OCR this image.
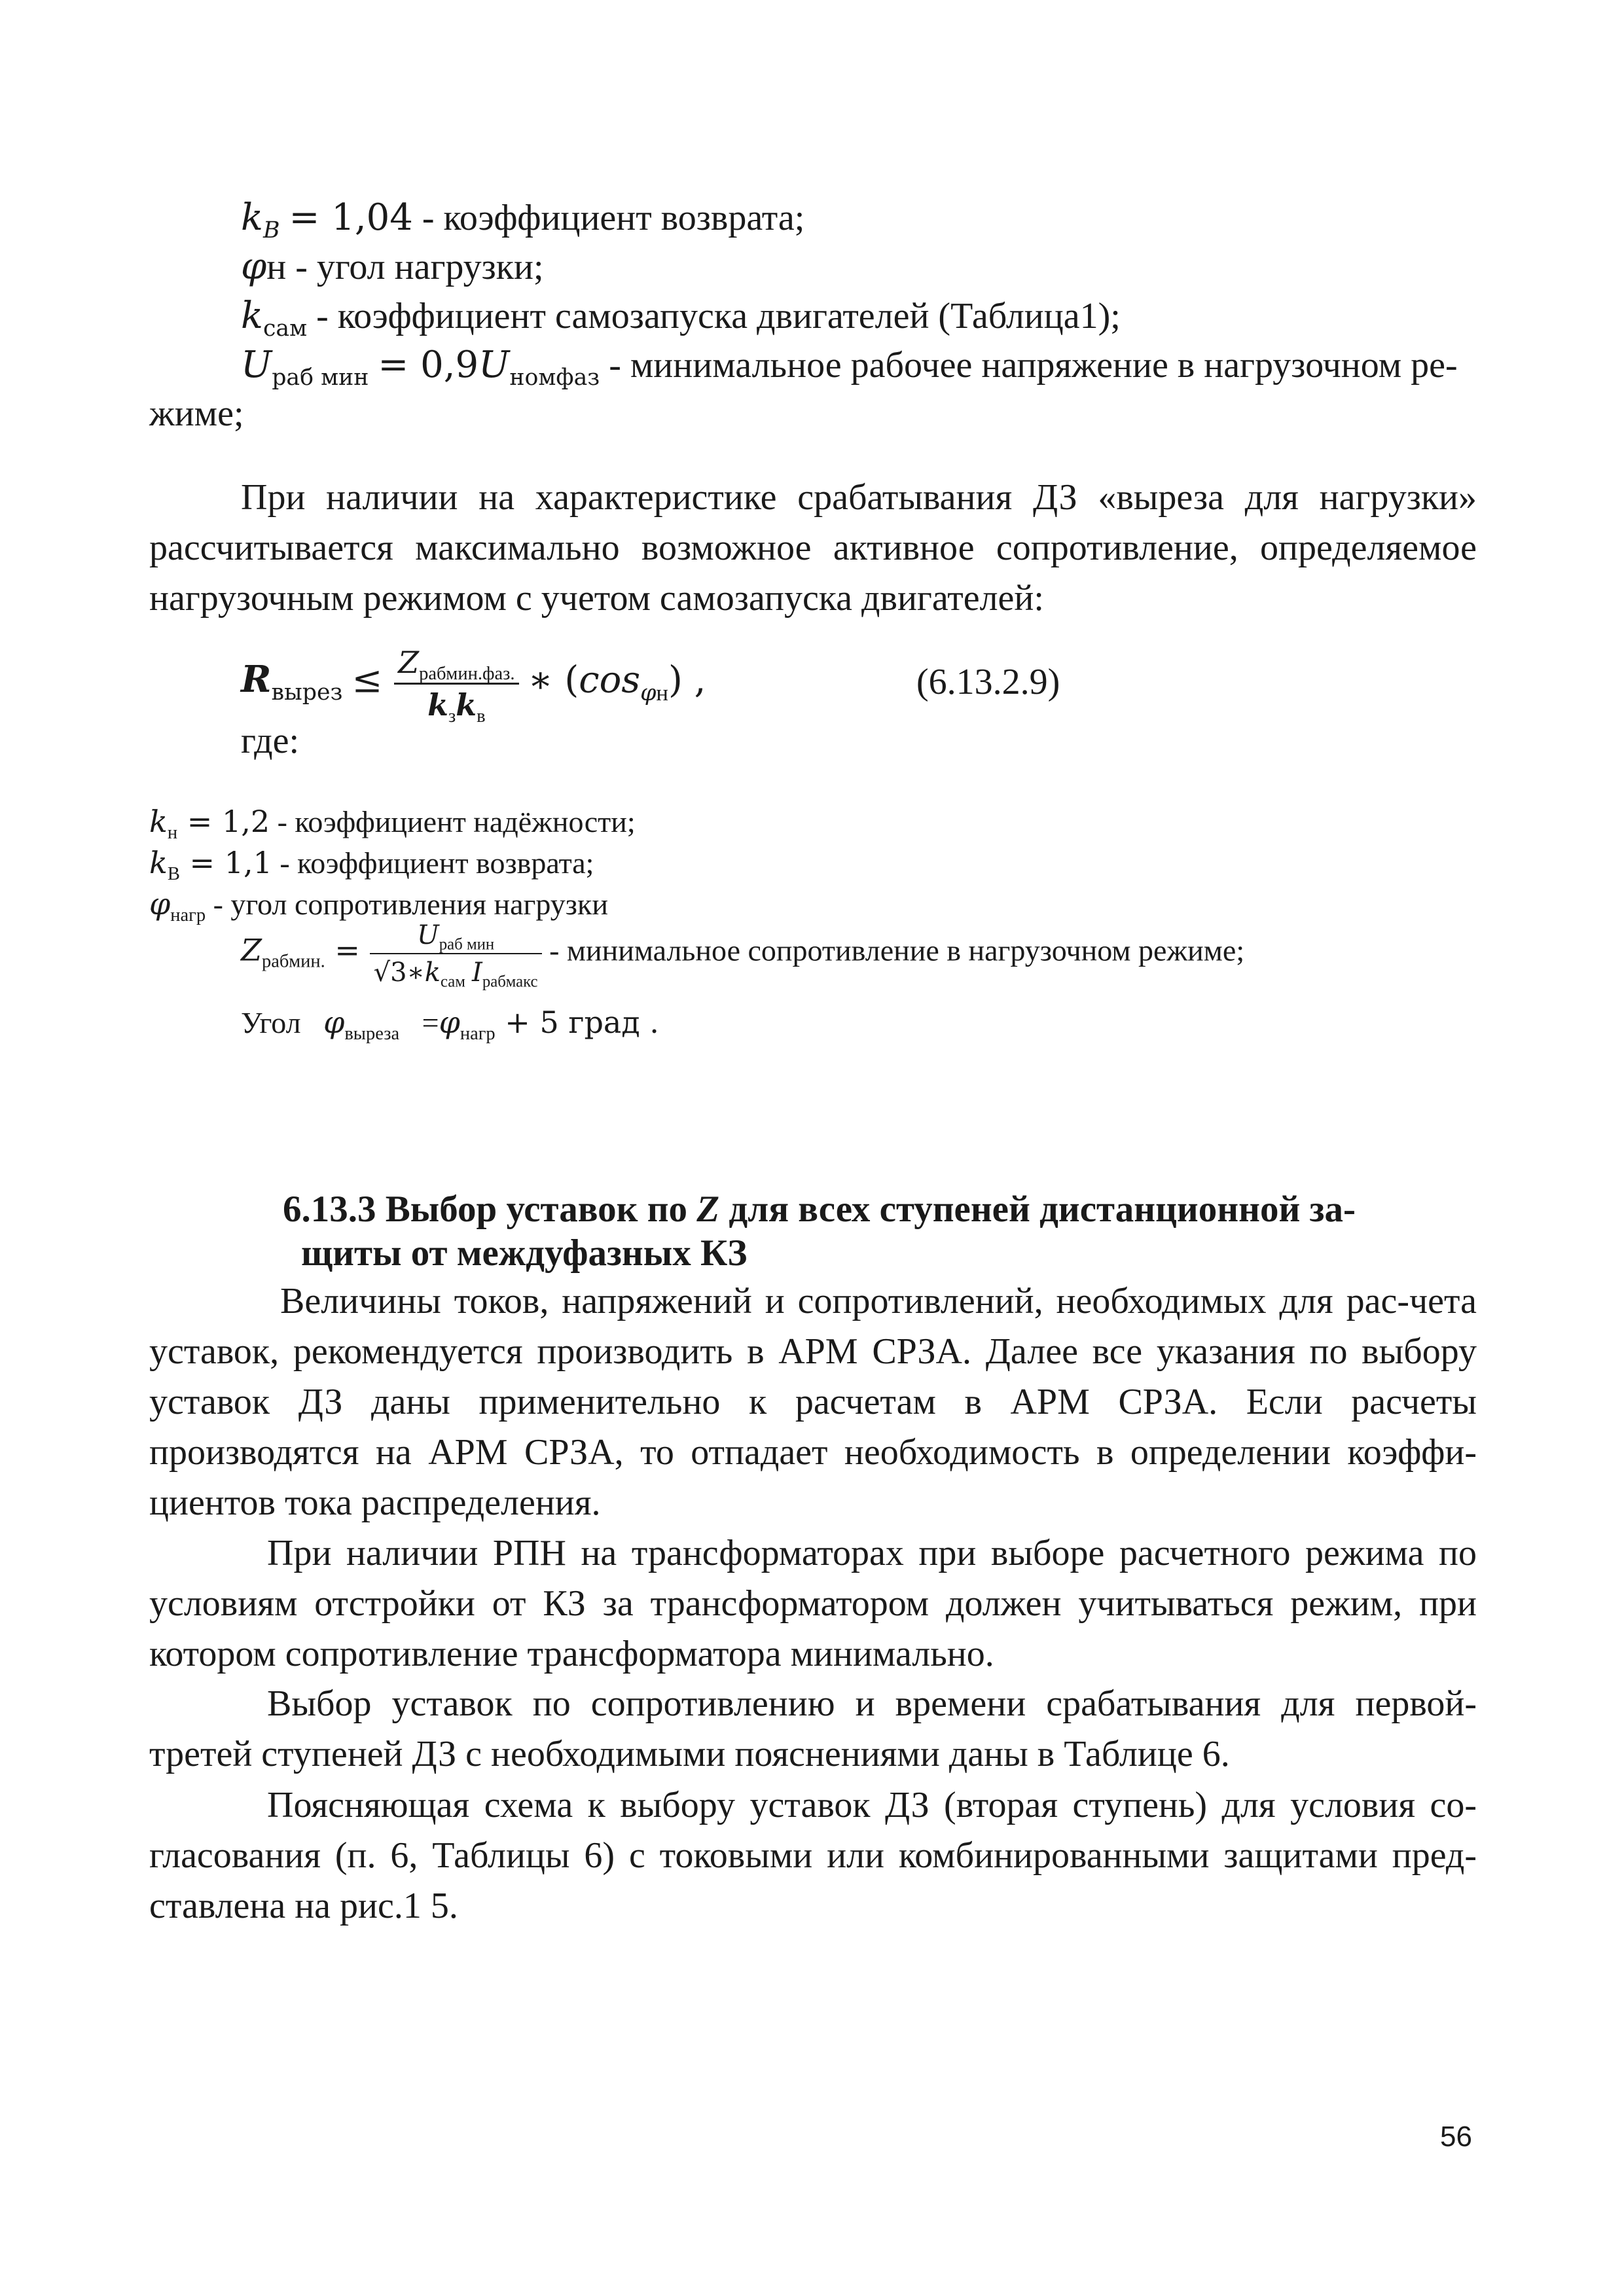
$k_B = 1,04$ - коэффициент возврата;
φн - угол нагрузки;
$k_{сам}$ - коэффициент самозапуска двигателей (Таблица1);
$U_{раб мин} = 0,9U_{номфаз}$ - минимальное рабочее напряжение в нагрузочном ре-
жиме;
При наличии на характеристике срабатывания ДЗ «выреза для нагрузки» рассчитывается максимально возможное активное сопротивление, определяемое нагрузочным режимом с учетом самозапуска двигателей:
$R_{вырез} \le \frac{Z_{рабмин.фаз.}}{k_зk_в}$ ∗ $(\cos_{\varphi н})$ ,	(6.13.2.9)
где:
$k_н = 1,2$ - коэффициент надёжности;
$k_В = 1,1$ - коэффициент возврата;
$\varphi_{нагр}$ - угол сопротивления нагрузки
$Z_{рабмин.} = \frac{U_{раб мин}}{√3∗k_{сам} I_{рабмакс}}$ - минимальное сопротивление в нагрузочном режиме;
Угол $\varphi_{выреза} =\varphi_{нагр} + 5$ град .
6.13.3 Выбор уставок по Z для всех ступеней дистанционной за-
щиты от междуфазных КЗ
Величины токов, напряжений и сопротивлений, необходимых для рас-чета уставок, рекомендуется производить в АРМ СРЗА. Далее все указания по выбору уставок ДЗ даны применительно к расчетам в АРМ СРЗА. Если расчеты производятся на АРМ СРЗА, то отпадает необходимость в определении коэффи-циентов тока распределения.
При наличии РПН на трансформаторах при выборе расчетного режима по условиям отстройки от КЗ за трансформатором должен учитываться режим, при котором сопротивление трансформатора минимально.
Выбор уставок по сопротивлению и времени срабатывания для первой-третей ступеней ДЗ с необходимыми пояснениями даны в Таблице 6.
Поясняющая схема к выбору уставок ДЗ (вторая ступень) для условия со-гласования (п. 6, Таблицы 6) с токовыми или комбинированными защитами пред-ставлена на рис.1 5.
56
